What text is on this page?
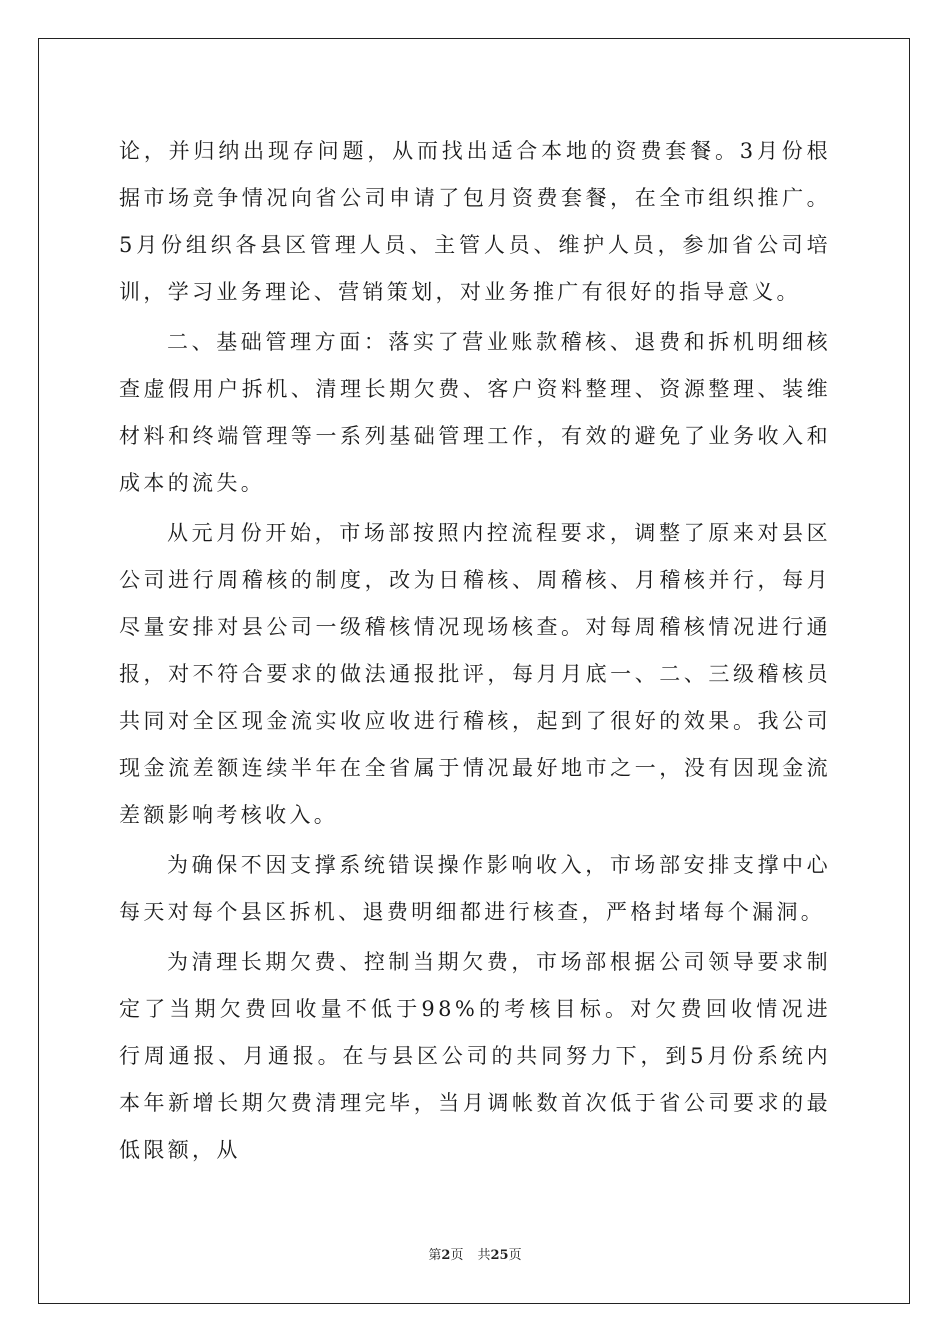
论，并归纳出现存问题，从而找出适合本地的资费套餐。3月份根据市场竞争情况向省公司申请了包月资费套餐，在全市组织推广。5月份组织各县区管理人员、主管人员、维护人员，参加省公司培训，学习业务理论、营销策划，对业务推广有很好的指导意义。

二、基础管理方面：落实了营业账款稽核、退费和拆机明细核查虚假用户拆机、清理长期欠费、客户资料整理、资源整理、装维材料和终端管理等一系列基础管理工作，有效的避免了业务收入和成本的流失。

从元月份开始，市场部按照内控流程要求，调整了原来对县区公司进行周稽核的制度，改为日稽核、周稽核、月稽核并行，每月尽量安排对县公司一级稽核情况现场核查。对每周稽核情况进行通报，对不符合要求的做法通报批评，每月月底一、二、三级稽核员共同对全区现金流实收应收进行稽核，起到了很好的效果。我公司现金流差额连续半年在全省属于情况最好地市之一，没有因现金流差额影响考核收入。

为确保不因支撑系统错误操作影响收入，市场部安排支撑中心每天对每个县区拆机、退费明细都进行核查，严格封堵每个漏洞。

为清理长期欠费、控制当期欠费，市场部根据公司领导要求制定了当期欠费回收量不低于98%的考核目标。对欠费回收情况进行周通报、月通报。在与县区公司的共同努力下，到5月份系统内本年新增长期欠费清理完毕，当月调帐数首次低于省公司要求的最低限额，从

第2页 共25页
